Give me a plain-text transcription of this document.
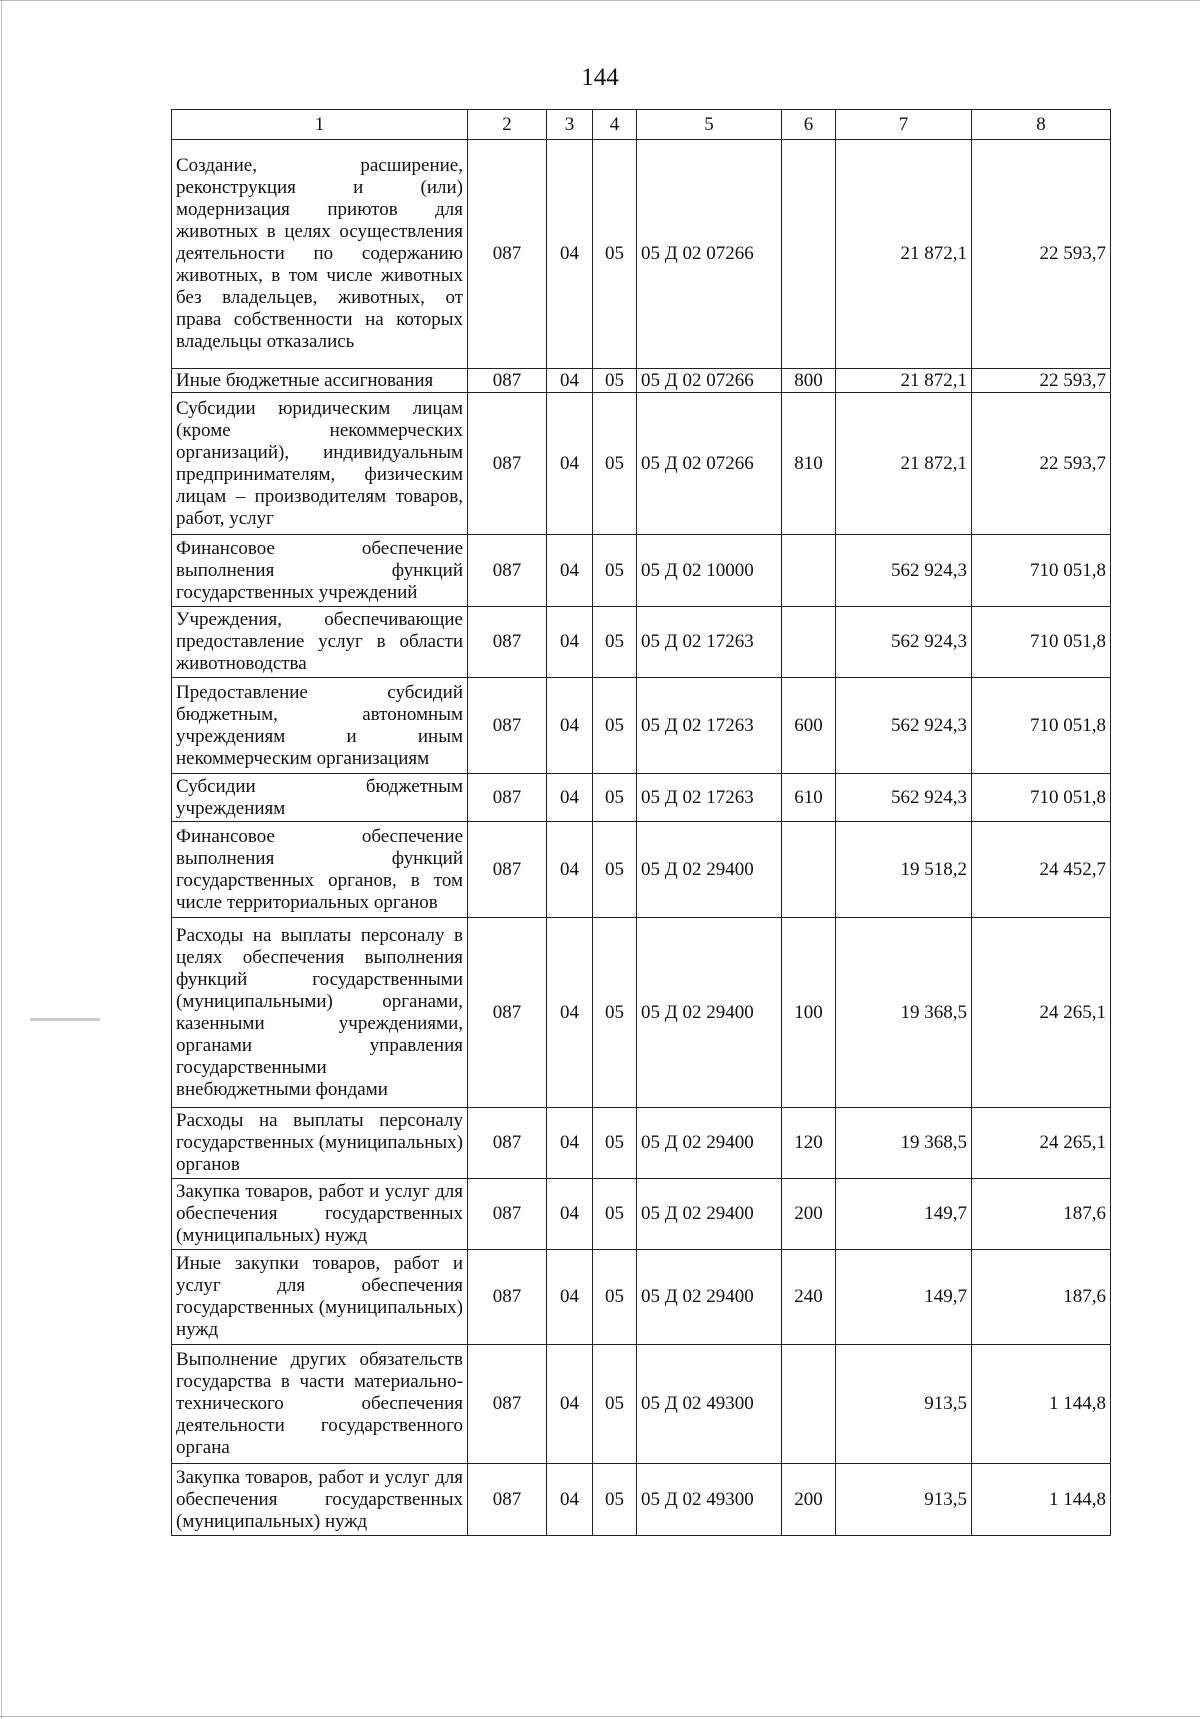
144
1	2	3	4	5	6	7	8
Создание, расширение, реконструкция и (или) модернизация приютов для животных в целях осуществления деятельности по содержанию животных, в том числе животных без владельцев, животных, от права собственности на которых владельцы отказались	087	04	05	05 Д 02 07266		21 872,1	22 593,7
Иные бюджетные ассигнования	087	04	05	05 Д 02 07266	800	21 872,1	22 593,7
Субсидии юридическим лицам (кроме некоммерческих организаций), индивидуальным предпринимателям, физическим лицам – производителям товаров, работ, услуг	087	04	05	05 Д 02 07266	810	21 872,1	22 593,7
Финансовое обеспечение выполнения функций государственных учреждений	087	04	05	05 Д 02 10000		562 924,3	710 051,8
Учреждения, обеспечивающие предоставление услуг в области животноводства	087	04	05	05 Д 02 17263		562 924,3	710 051,8
Предоставление субсидий бюджетным, автономным учреждениям и иным некоммерческим организациям	087	04	05	05 Д 02 17263	600	562 924,3	710 051,8
Субсидии бюджетным учреждениям	087	04	05	05 Д 02 17263	610	562 924,3	710 051,8
Финансовое обеспечение выполнения функций государственных органов, в том числе территориальных органов	087	04	05	05 Д 02 29400		19 518,2	24 452,7
Расходы на выплаты персоналу в целях обеспечения выполнения функций государственными (муниципальными) органами, казенными учреждениями, органами управления государственными внебюджетными фондами	087	04	05	05 Д 02 29400	100	19 368,5	24 265,1
Расходы на выплаты персоналу государственных (муниципальных) органов	087	04	05	05 Д 02 29400	120	19 368,5	24 265,1
Закупка товаров, работ и услуг для обеспечения государственных (муниципальных) нужд	087	04	05	05 Д 02 29400	200	149,7	187,6
Иные закупки товаров, работ и услуг для обеспечения государственных (муниципальных) нужд	087	04	05	05 Д 02 29400	240	149,7	187,6
Выполнение других обязательств государства в части материально-технического обеспечения деятельности государственного органа	087	04	05	05 Д 02 49300		913,5	1 144,8
Закупка товаров, работ и услуг для обеспечения государственных (муниципальных) нужд	087	04	05	05 Д 02 49300	200	913,5	1 144,8
